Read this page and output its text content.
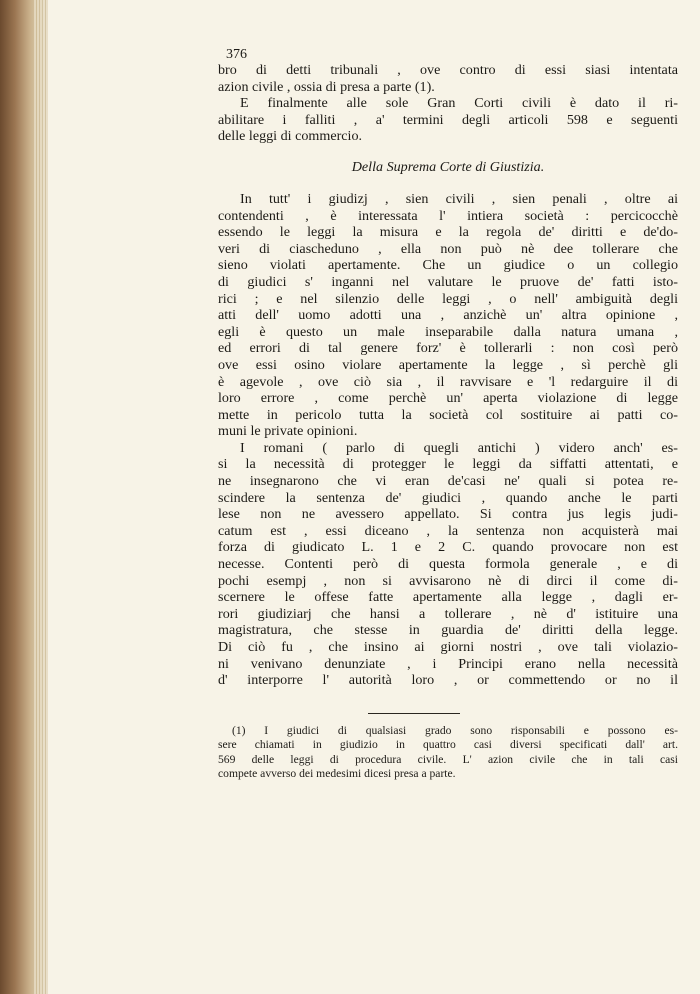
376
bro di detti tribunali , ove contro di essi siasi intentata
azion civile , ossia di presa a parte (1).
E finalmente alle sole Gran Corti civili è dato il ri-
abilitare i falliti , a' termini degli articoli 598 e seguenti
delle leggi di commercio.
Della Suprema Corte di Giustizia.
In tutt' i giudizj , sien civili , sien penali , oltre ai
contendenti , è interessata l' intiera società : percicocchè
essendo le leggi la misura e la regola de' diritti e de'do-
veri di ciascheduno , ella non può nè dee tollerare che
sieno violati apertamente. Che un giudice o un collegio
di giudici s' inganni nel valutare le pruove de' fatti isto-
rici ; e nel silenzio delle leggi , o nell' ambiguità degli
atti dell' uomo adotti una , anzichè un' altra opinione ,
egli è questo un male inseparabile dalla natura umana ,
ed errori di tal genere forz' è tollerarli : non così però
ove essi osino violare apertamente la legge , sì perchè gli
è agevole , ove ciò sia , il ravvisare e 'l redarguire il di
loro errore , come perchè un' aperta violazione di legge
mette in pericolo tutta la società col sostituire ai patti co-
muni le private opinioni.
I romani ( parlo di quegli antichi ) videro anch' es-
si la necessità di protegger le leggi da siffatti attentati, e
ne insegnarono che vi eran de'casi ne' quali si potea re-
scindere la sentenza de' giudici , quando anche le parti
lese non ne avessero appellato. Si contra jus legis judi-
catum est , essi diceano , la sentenza non acquisterà mai
forza di giudicato L. 1 e 2 C. quando provocare non est
necesse. Contenti però di questa formola generale , e di
pochi esempj , non si avvisarono nè di dirci il come di-
scernere le offese fatte apertamente alla legge , dagli er-
rori giudiziarj che hansi a tollerare , nè d' istituire una
magistratura, che stesse in guardia de' diritti della legge.
Di ciò fu , che insino ai giorni nostri , ove tali violazio-
ni venivano denunziate , i Principi erano nella necessità
d' interporre l' autorità loro , or commettendo or no il
(1) I giudici di qualsiasi grado sono risponsabili e possono es-
sere chiamati in giudizio in quattro casi diversi specificati dall' art.
569 delle leggi di procedura civile. L' azion civile che in tali casi
compete avverso dei medesimi dicesi presa a parte.
